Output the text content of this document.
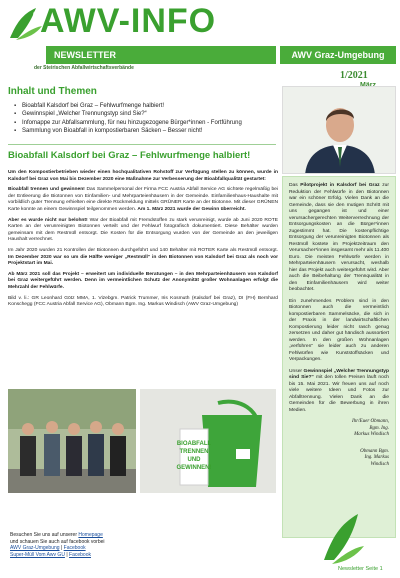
AWV-INFO
NEWSLETTER	AWV Graz-Umgebung
der Steirischen Abfallwirtschaftsverbände
1/2021
Inhalt und Themen
▪ Bioabfall Kalsdorf bei Graz – Fehlwurfmenge halbiert!
▪ Gewinnspiel „Welcher Trennungstyp sind Sie?“
▪ Infomappe zur Abfallsammlung, für neu hinzugezogene Bürger*innen - Fortführung
▪ Sammlung von Bioabfall in kompostierbaren Säcken – Besser nicht!
Bioabfall Kalsdorf bei Graz – Fehlwurfmenge halbiert!

Um den Kompostierbetrieben wieder einen hochqualitativen Rohstoff zur Verfügung stellen zu können, wurde in Kalsdorf bei Graz von Mai bis Dezember 2020 eine Maßnahme zur Verbesserung der Bioabfallqualität gestartet:

Bioabfall trennen und gewinnen! Das Sammelpersonal der Firma FCC Austria Abfall Service AG sichtete regelmäßig bei der Entleerung die Biotonnen von Einfamilien- und Mehrparteienhäusern in der Gemeinde. Einfamilienhaus-Haushalte mit vorbildlich guter Trennung erhielten eine direkte Rückmeldung mittels GRÜNER Karte an der Biotonne. Mit dieser GRÜNEN Karte konnte an einem Gewinnspiel teilgenommen werden. Am 1. März 2021 wurde der Gewinn überreicht.

Aber es wurde nicht nur belohnt! War der Bioabfall mit Fremdstoffen zu stark verunreinigt, wurde ab Juni 2020 ROTE Karten an der verunreinigten Biotonnen verteilt und der Fehlwurf fotografisch dokumentiert. Diese Behälter wurden gemeinsam mit dem Restmüll entsorgt. Die Kosten für die Entsorgung wurden von der Gemeinde an den jeweiligen Haushalt verrechnet.

Im Jahr 2020 wurden 21 Kontrollen der Biotonnen durchgeführt und 140 Behälter mit ROTER Karte als Restmüll entsorgt. Im Dezember 2020 war so um die Hälfte weniger „Restmüll“ in den Biotonnen von Kalsdorf bei Graz als noch vor Projektstart im Mai.

Ab März 2021 soll das Projekt – erweitert um individuelle Beratungen – in den Mehrparteienhäusern von Kalsdorf bei Graz weitergeführt werden. Denn im vermeintlichen Schutz der Anonymität großer Wohnanlagen erfolgt die Mehrzahl der Fehlwürfe.

Bild v. li.: GR Leonhard Götz MMA, 1. Vizebgm. Patrick Trummer, Iris Kosmuth (Kalsdorf bei Graz), DI (FH) Bernhard Konschegg (FCC Austria Abfall Service AG), Obmann Bgm. Ing. Markus Windisch (AWV Graz-Umgebung)

BIOABFALL
TRENNEN
UND
GEWINNEN!

Das Pilotprojekt in Kalsdorf bei Graz zur Reduktion der Fehlwürfe in den Biotonnen war ein schöner Erfolg. Vielen Dank an die Gemeinde, dass sie den mutigen Schritt mit uns gegangen ist und einer verursachergerechten Weiterverrechnung der Entsorgungskosten an die Bürger*innen zugestimmt hat. Die kostenpflichtige Entsorgung der verunreinigten Biotonnen als Restmüll kostete im Projektzeitraum den Verursacher*innen insgesamt mehr als 11.400 Euro. Die meisten Fehlwürfe werden in Mehrparteienhäusern verursacht, weshalb hier das Projekt auch weitergeführt wird. Aber auch die Beibehaltung der Trennqualität in den Einfamilienhäusern wird weiter beobachtet.

Ein zunehmendes Problem sind in den Biotonnen auch die vermeintlich kompostierbaren Sammelsäcke, die sich in der Praxis in der landwirtschaftlichen Kompostierung leider nicht rasch genug zersetzen und daher gut händisch aussortiert werden. In den großen Wohnanlagen „verführen“ sie leider auch zu anderen Fehlwürfen wie Kunststoffsäcken und Verpackungen.

Unser Gewinnspiel „Welcher Trennungstyp sind Sie?“ mit den tollen Preisen läuft noch bis 15. Mai 2021. Wir freuen uns auf noch viele weitere Ideen und Fotos zur Abfalltrennung. Vielen Dank an die Gemeinden für die Bewerbung in ihren Medien.

Ihr/Euer Obmann,
Bgm. Ing.
Markus Windisch
Obmann Bgm.
Ing. Markus
Windisch
Besuchen Sie uns auf unserer Homepage
und schauen Sie auch auf facebook vorbei
AWV Graz-Umgebung | Facebook
Super-Müll Vom Awv GU | Facebook
Newsletter Seite 1
